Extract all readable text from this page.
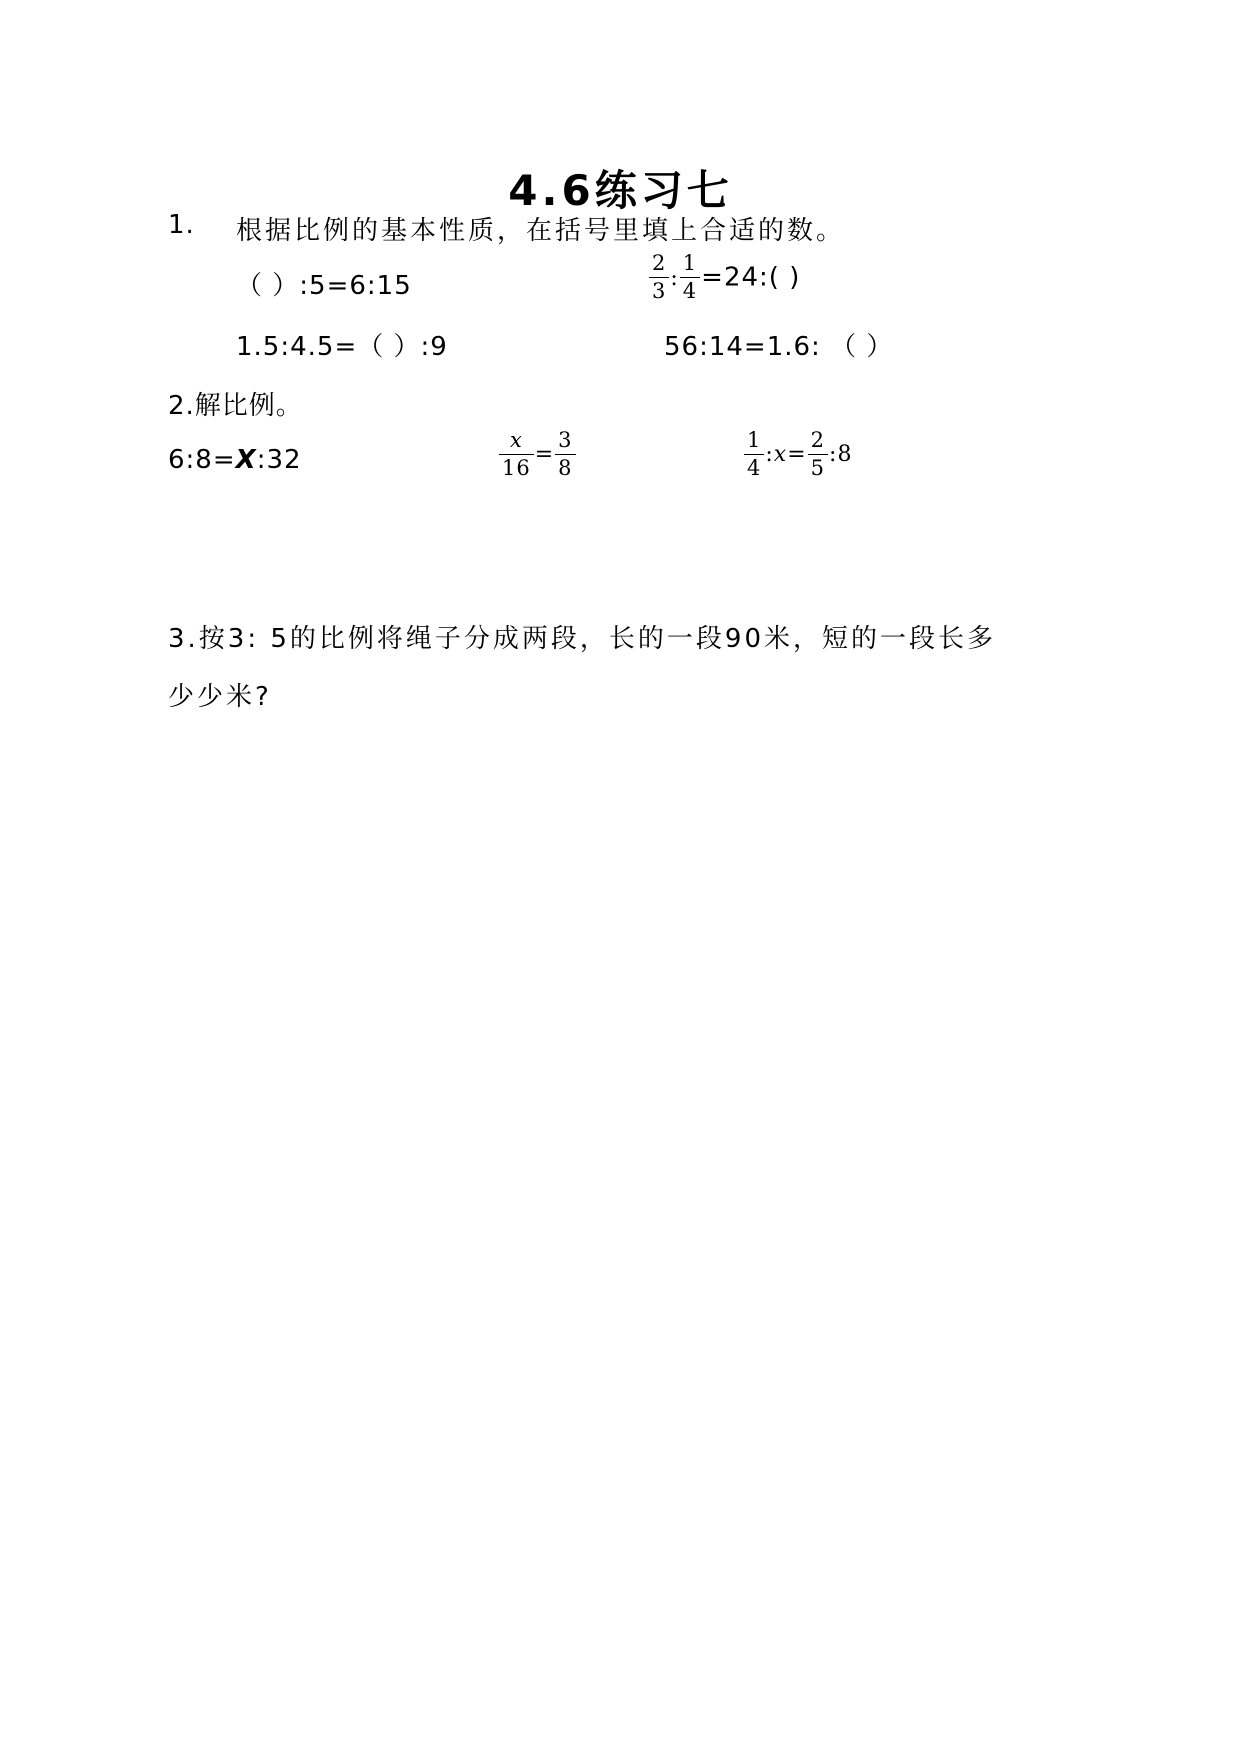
4.6练习七
1. 根据比例的基本性质，在括号里填上合适的数。
（ ）:5=6:15	$\frac{2}{3}$ : $\frac{1}{4}$ =24:( )
1.5:4.5=（ ）:9	56:14=1.6: （ ）
2.解比例。
6:8=X:32	$\frac{x}{16} = \frac{3}{8}$	$\frac{1}{4}$ :x= $\frac{2}{5}$ :8
3.按3: 5的比例将绳子分成两段，长的一段90米，短的一段长多
少少米?
